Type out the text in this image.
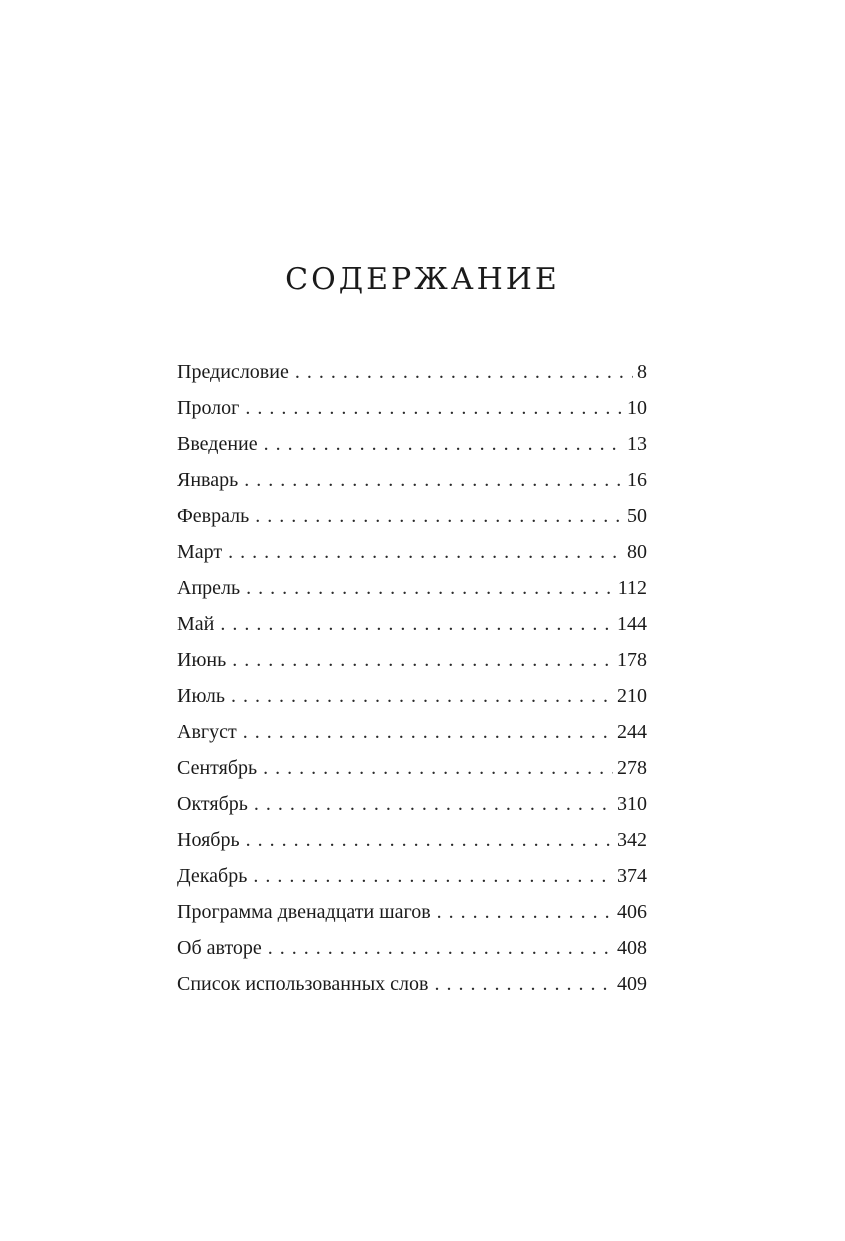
СОДЕРЖАНИЕ
Предисловие . . .	8
Пролог . . .	10
Введение . . .	13
Январь . . .	16
Февраль . . .	50
Март . . .	80
Апрель . . .	112
Май . . .	144
Июнь . . .	178
Июль . . .	210
Август . . .	244
Сентябрь . . .	278
Октябрь . . .	310
Ноябрь . . .	342
Декабрь . . .	374
Программа двенадцати шагов . . .	406
Об авторе . . .	408
Список использованных слов . . .	409
